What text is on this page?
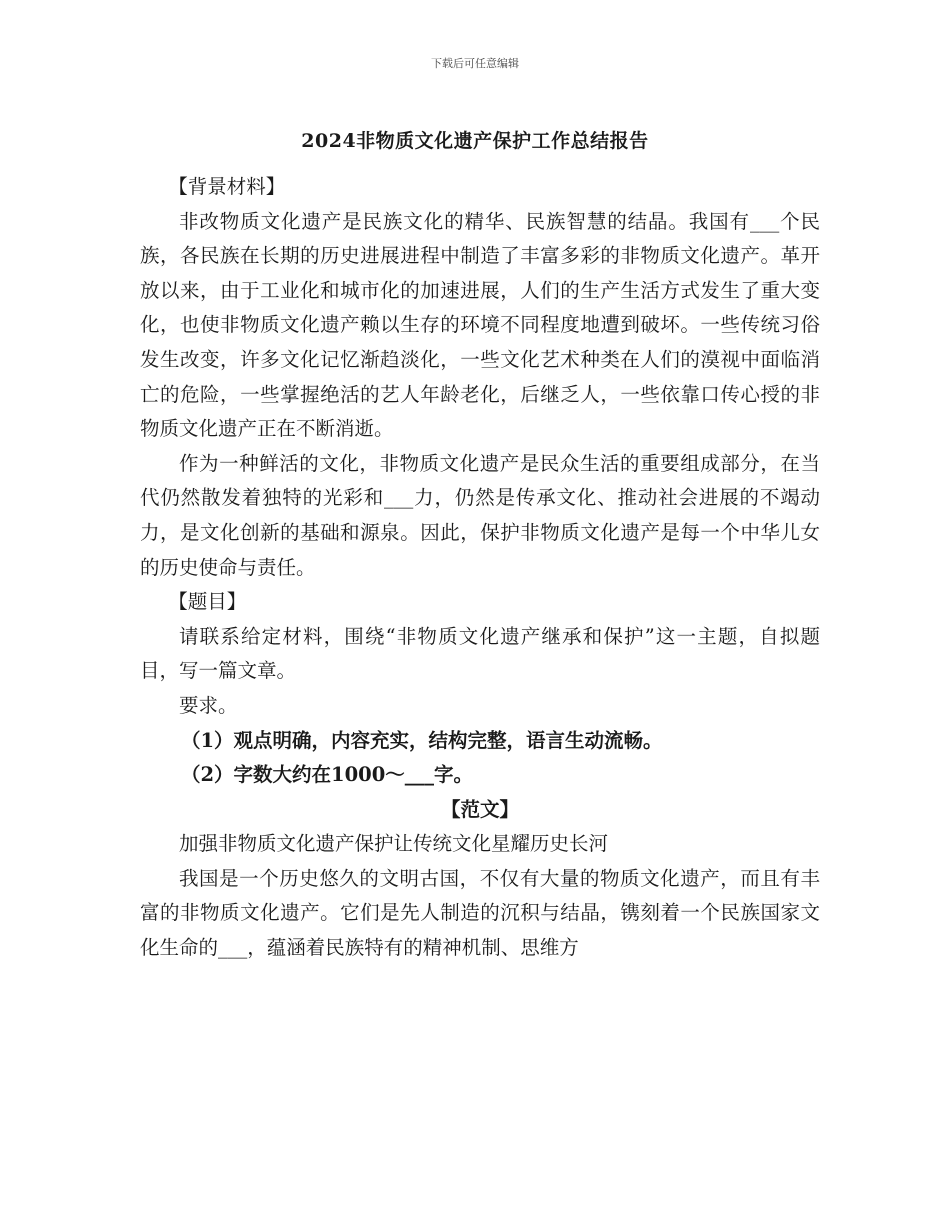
下载后可任意编辑
2024非物质文化遗产保护工作总结报告

【背景材料】

非改物质文化遗产是民族文化的精华、民族智慧的结晶。我国有___个民族，各民族在长期的历史进展进程中制造了丰富多彩的非物质文化遗产。革开放以来，由于工业化和城市化的加速进展，人们的生产生活方式发生了重大变化，也使非物质文化遗产赖以生存的环境不同程度地遭到破坏。一些传统习俗发生改变，许多文化记忆渐趋淡化，一些文化艺术种类在人们的漠视中面临消亡的危险，一些掌握绝活的艺人年龄老化，后继乏人，一些依靠口传心授的非物质文化遗产正在不断消逝。

作为一种鲜活的文化，非物质文化遗产是民众生活的重要组成部分，在当代仍然散发着独特的光彩和___力，仍然是传承文化、推动社会进展的不竭动力，是文化创新的基础和源泉。因此，保护非物质文化遗产是每一个中华儿女的历史使命与责任。

【题目】

请联系给定材料，围绕“非物质文化遗产继承和保护”这一主题，自拟题目，写一篇文章。

要求。

（1）观点明确，内容充实，结构完整，语言生动流畅。

（2）字数大约在1000～___字。

【范文】

加强非物质文化遗产保护让传统文化星耀历史长河

我国是一个历史悠久的文明古国，不仅有大量的物质文化遗产，而且有丰富的非物质文化遗产。它们是先人制造的沉积与结晶，镌刻着一个民族国家文化生命的___，蕴涵着民族特有的精神机制、思维方
